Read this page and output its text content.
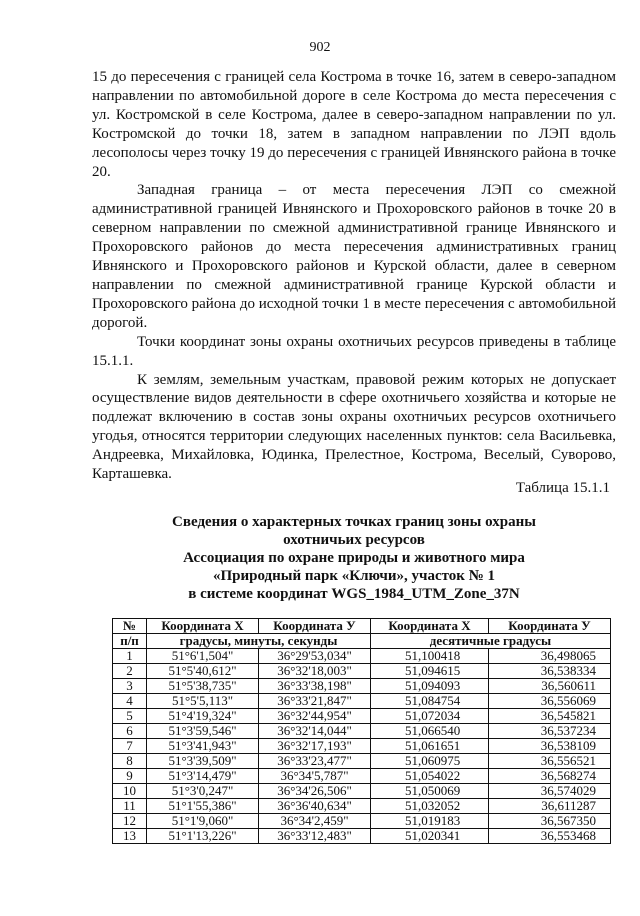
902

15 до пересечения с границей села Кострома в точке 16, затем в северо-западном направлении по автомобильной дороге в селе Кострома до места пересечения с ул. Костромской в селе Кострома, далее в северо-западном направлении по ул. Костромской до точки 18, затем в западном направлении по ЛЭП вдоль лесополосы через точку 19 до пересечения с границей Ивнянского района в точке 20.

Западная граница – от места пересечения ЛЭП со смежной административной границей Ивнянского и Прохоровского районов в точке 20 в северном направлении по смежной административной границе Ивнянского и Прохоровского районов до места пересечения административных границ Ивнянского и Прохоровского районов и Курской области, далее в северном направлении по смежной административной границе Курской области и Прохоровского района до исходной точки 1 в месте пересечения с автомобильной дорогой.

Точки координат зоны охраны охотничьих ресурсов приведены в таблице 15.1.1.

К землям, земельным участкам, правовой режим которых не допускает осуществление видов деятельности в сфере охотничьего хозяйства и которые не подлежат включению в состав зоны охраны охотничьих ресурсов охотничьего угодья, относятся территории следующих населенных пунктов: села Васильевка, Андреевка, Михайловка, Юдинка, Прелестное, Кострома, Веселый, Суворово, Карташевка.

Таблица 15.1.1
Сведения о характерных точках границ зоны охраны
охотничьих ресурсов
Ассоциация по охране природы и животного мира
«Природный парк «Ключи», участок № 1
в системе координат WGS_1984_UTM_Zone_37N
№	Координата X	Координата У	Координата X	Координата У
п/п	градусы, минуты, секунды		десятичные градусы	
1	51°6'1,504"	36°29'53,034"	51,100418	36,498065
2	51°5'40,612"	36°32'18,003"	51,094615	36,538334
3	51°5'38,735"	36°33'38,198"	51,094093	36,560611
4	51°5'5,113"	36°33'21,847"	51,084754	36,556069
5	51°4'19,324"	36°32'44,954"	51,072034	36,545821
6	51°3'59,546"	36°32'14,044"	51,066540	36,537234
7	51°3'41,943"	36°32'17,193"	51,061651	36,538109
8	51°3'39,509"	36°33'23,477"	51,060975	36,556521
9	51°3'14,479"	36°34'5,787"	51,054022	36,568274
10	51°3'0,247"	36°34'26,506"	51,050069	36,574029
11	51°1'55,386"	36°36'40,634"	51,032052	36,611287
12	51°1'9,060"	36°34'2,459"	51,019183	36,567350
13	51°1'13,226"	36°33'12,483"	51,020341	36,553468
